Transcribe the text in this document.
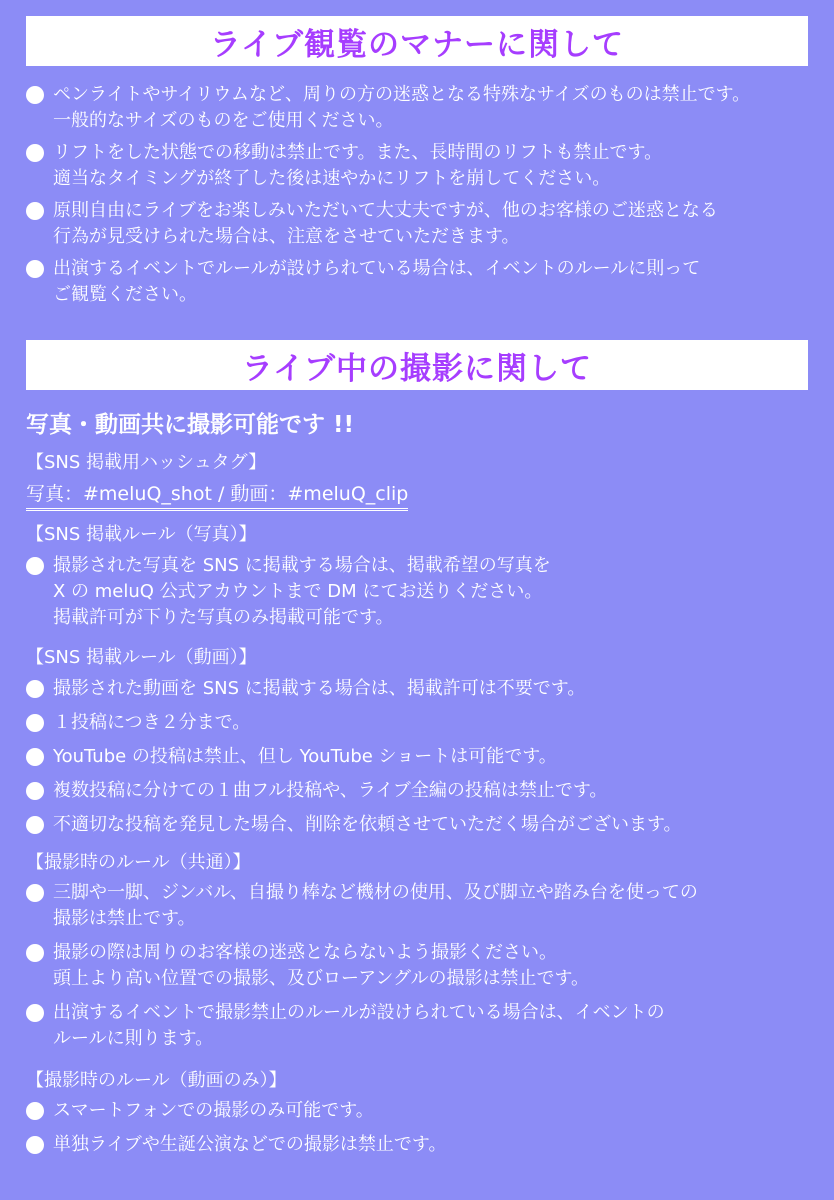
ライブ観覧のマナーに関して
ペンライトやサイリウムなど、周りの方の迷惑となる特殊なサイズのものは禁止です。
一般的なサイズのものをご使用ください。
リフトをした状態での移動は禁止です。また、長時間のリフトも禁止です。
適当なタイミングが終了した後は速やかにリフトを崩してください。
原則自由にライブをお楽しみいただいて大丈夫ですが、他のお客様のご迷惑となる
行為が見受けられた場合は、注意をさせていただきます。
出演するイベントでルールが設けられている場合は、イベントのルールに則って
ご観覧ください。
ライブ中の撮影に関して
写真・動画共に撮影可能です !!
【SNS 掲載用ハッシュタグ】
写真：#meluQ_shot / 動画：#meluQ_clip
【SNS 掲載ルール（写真）】
撮影された写真を SNS に掲載する場合は、掲載希望の写真を
X の meluQ 公式アカウントまで DM にてお送りください。
掲載許可が下りた写真のみ掲載可能です。
【SNS 掲載ルール（動画）】
撮影された動画を SNS に掲載する場合は、掲載許可は不要です。
１投稿につき２分まで。
YouTube の投稿は禁止、但し YouTube ショートは可能です。
複数投稿に分けての１曲フル投稿や、ライブ全編の投稿は禁止です。
不適切な投稿を発見した場合、削除を依頼させていただく場合がございます。
【撮影時のルール（共通）】
三脚や一脚、ジンバル、自撮り棒など機材の使用、及び脚立や踏み台を使っての
撮影は禁止です。
撮影の際は周りのお客様の迷惑とならないよう撮影ください。
頭上より高い位置での撮影、及びローアングルの撮影は禁止です。
出演するイベントで撮影禁止のルールが設けられている場合は、イベントの
ルールに則ります。
【撮影時のルール（動画のみ）】
スマートフォンでの撮影のみ可能です。
単独ライブや生誕公演などでの撮影は禁止です。
